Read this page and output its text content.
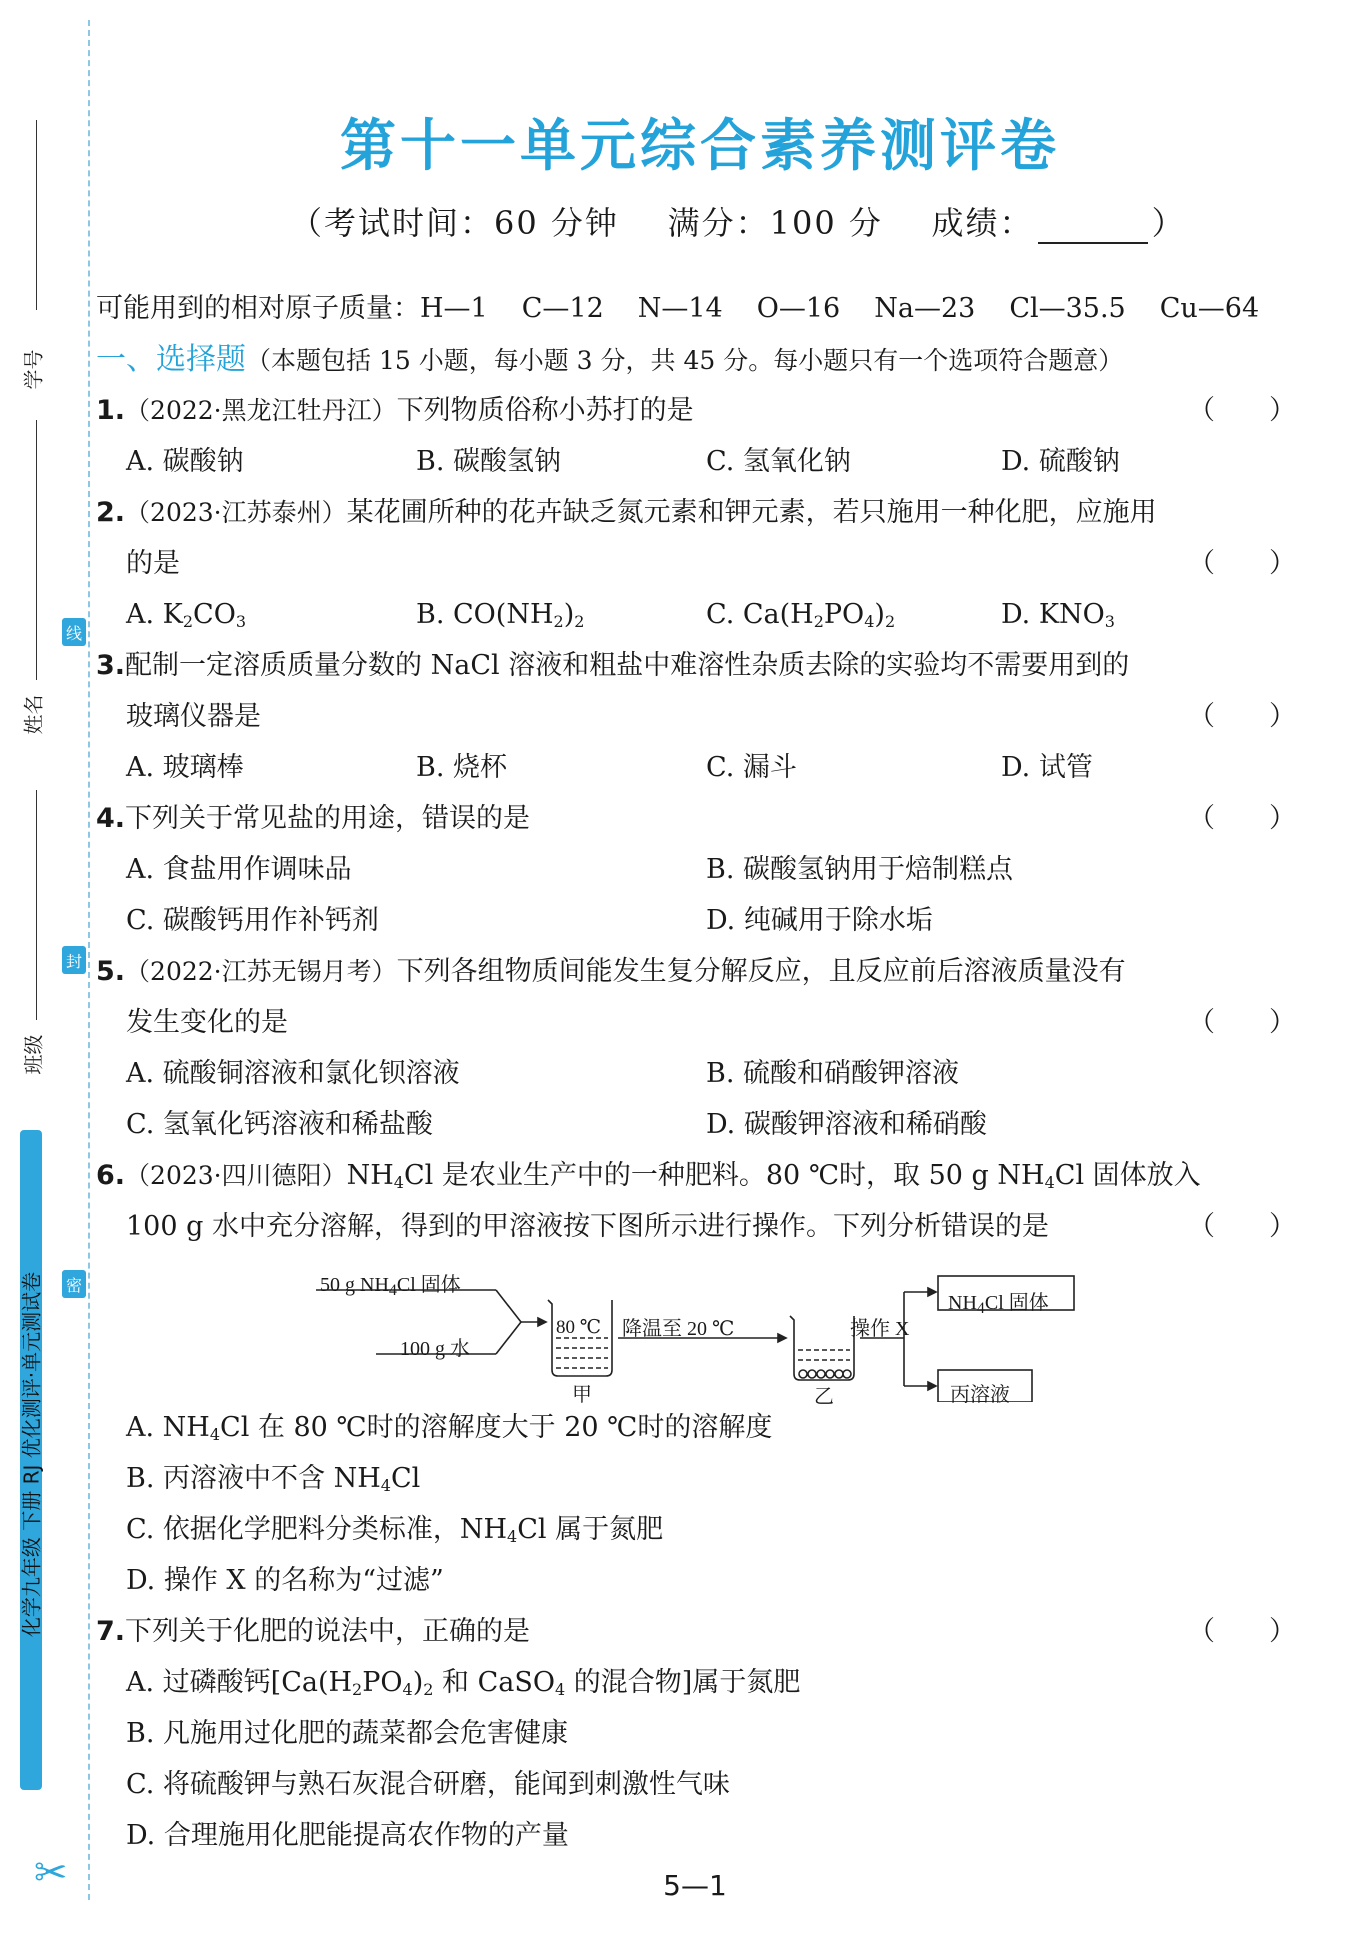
学号
姓名
班级
线
封
密
化学九年级 下册 RJ 优化测评·单元测试卷
✂
第十一单元综合素养测评卷
（考试时间：60 分钟 满分：100 分 成绩：	）
可能用到的相对原子质量：H—1 C—12 N—14 O—16 Na—23 Cl—35.5 Cu—64
一、选择题（本题包括 15 小题，每小题 3 分，共 45 分。每小题只有一个选项符合题意）
1.（2022·黑龙江牡丹江）下列物质俗称小苏打的是	（　　）
A. 碳酸钠	B. 碳酸氢钠	C. 氢氧化钠	D. 硫酸钠
2.（2023·江苏泰州）某花圃所种的花卉缺乏氮元素和钾元素，若只施用一种化肥，应施用
的是	（　　）
A. $K_2CO_3$	B. $CO(NH_2)_2$	C. $Ca(H_2PO_4)_2$	D. $KNO_3$
3.配制一定溶质质量分数的 NaCl 溶液和粗盐中难溶性杂质去除的实验均不需要用到的
玻璃仪器是	（　　）
A. 玻璃棒	B. 烧杯	C. 漏斗	D. 试管
4.下列关于常见盐的用途，错误的是	（　　）
A. 食盐用作调味品	B. 碳酸氢钠用于焙制糕点
C. 碳酸钙用作补钙剂	D. 纯碱用于除水垢
5.（2022·江苏无锡月考）下列各组物质间能发生复分解反应，且反应前后溶液质量没有
发生变化的是	（　　）
A. 硫酸铜溶液和氯化钡溶液	B. 硫酸和硝酸钾溶液
C. 氢氧化钙溶液和稀盐酸	D. 碳酸钾溶液和稀硝酸
6.（2023·四川德阳）$NH_4Cl$ 是农业生产中的一种肥料。80 ℃时，取 50 g $NH_4Cl$ 固体放入
100 g 水中充分溶解，得到的甲溶液按下图所示进行操作。下列分析错误的是	（　　）
50 g $NH_4Cl$ 固体
100 g 水
80 ℃ 降温至 20 ℃
甲	乙
操作 X
$NH_4Cl$ 固体
丙溶液
A. $NH_4Cl$ 在 80 ℃时的溶解度大于 20 ℃时的溶解度
B. 丙溶液中不含 $NH_4Cl$
C. 依据化学肥料分类标准，$NH_4Cl$ 属于氮肥
D. 操作 X 的名称为“过滤”
7.下列关于化肥的说法中，正确的是	（　　）
A. 过磷酸钙[$Ca(H_2PO_4)_2$ 和 CaSO$_4$ 的混合物]属于氮肥
B. 凡施用过化肥的蔬菜都会危害健康
C. 将硫酸钾与熟石灰混合研磨，能闻到刺激性气味
D. 合理施用化肥能提高农作物的产量
5—1
